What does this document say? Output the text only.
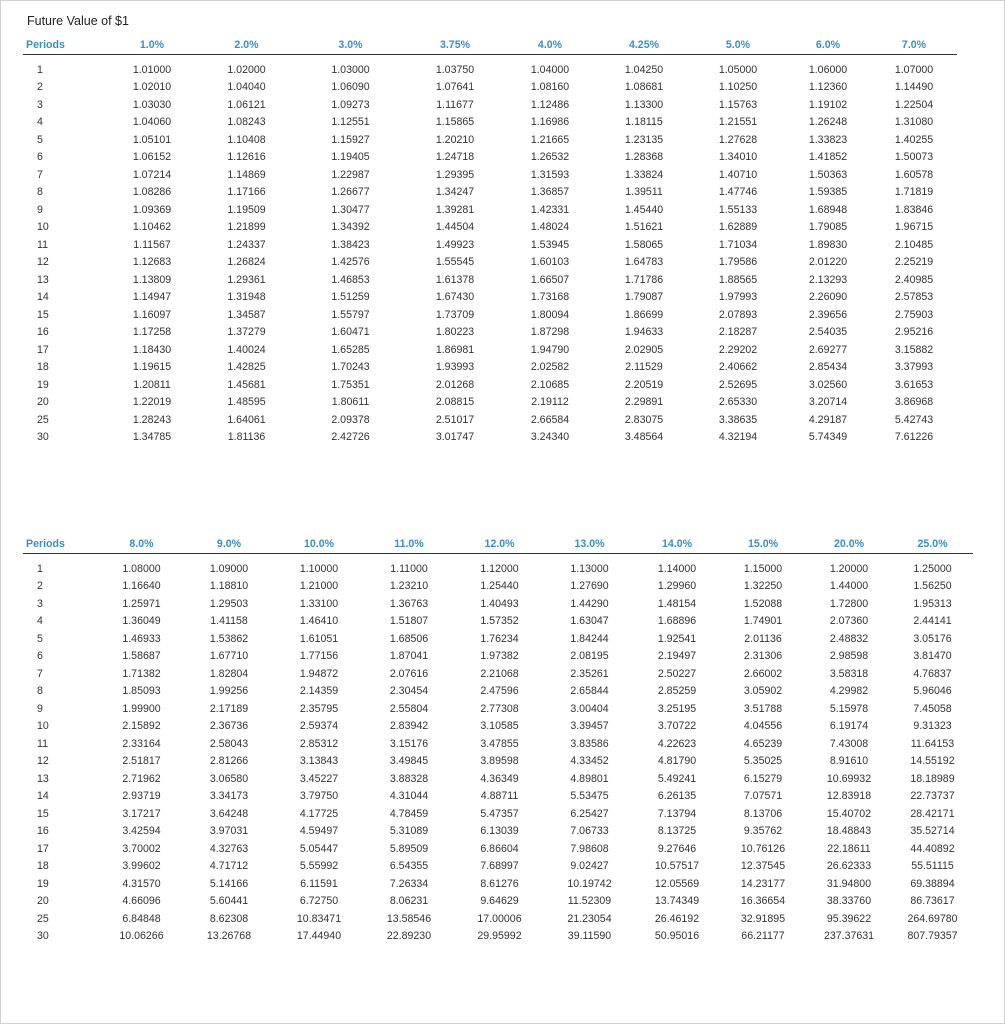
Future Value of $1
Periods	1.0%	2.0%	3.0%	3.75%	4.0%	4.25%	5.0%	6.0%	7.0%
1	1.01000	1.02000	1.03000	1.03750	1.04000	1.04250	1.05000	1.06000	1.07000
2	1.02010	1.04040	1.06090	1.07641	1.08160	1.08681	1.10250	1.12360	1.14490
3	1.03030	1.06121	1.09273	1.11677	1.12486	1.13300	1.15763	1.19102	1.22504
4	1.04060	1.08243	1.12551	1.15865	1.16986	1.18115	1.21551	1.26248	1.31080
5	1.05101	1.10408	1.15927	1.20210	1.21665	1.23135	1.27628	1.33823	1.40255
6	1.06152	1.12616	1.19405	1.24718	1.26532	1.28368	1.34010	1.41852	1.50073
7	1.07214	1.14869	1.22987	1.29395	1.31593	1.33824	1.40710	1.50363	1.60578
8	1.08286	1.17166	1.26677	1.34247	1.36857	1.39511	1.47746	1.59385	1.71819
9	1.09369	1.19509	1.30477	1.39281	1.42331	1.45440	1.55133	1.68948	1.83846
10	1.10462	1.21899	1.34392	1.44504	1.48024	1.51621	1.62889	1.79085	1.96715
11	1.11567	1.24337	1.38423	1.49923	1.53945	1.58065	1.71034	1.89830	2.10485
12	1.12683	1.26824	1.42576	1.55545	1.60103	1.64783	1.79586	2.01220	2.25219
13	1.13809	1.29361	1.46853	1.61378	1.66507	1.71786	1.88565	2.13293	2.40985
14	1.14947	1.31948	1.51259	1.67430	1.73168	1.79087	1.97993	2.26090	2.57853
15	1.16097	1.34587	1.55797	1.73709	1.80094	1.86699	2.07893	2.39656	2.75903
16	1.17258	1.37279	1.60471	1.80223	1.87298	1.94633	2.18287	2.54035	2.95216
17	1.18430	1.40024	1.65285	1.86981	1.94790	2.02905	2.29202	2.69277	3.15882
18	1.19615	1.42825	1.70243	1.93993	2.02582	2.11529	2.40662	2.85434	3.37993
19	1.20811	1.45681	1.75351	2.01268	2.10685	2.20519	2.52695	3.02560	3.61653
20	1.22019	1.48595	1.80611	2.08815	2.19112	2.29891	2.65330	3.20714	3.86968
25	1.28243	1.64061	2.09378	2.51017	2.66584	2.83075	3.38635	4.29187	5.42743
30	1.34785	1.81136	2.42726	3.01747	3.24340	3.48564	4.32194	5.74349	7.61226
Periods	8.0%	9.0%	10.0%	11.0%	12.0%	13.0%	14.0%	15.0%	20.0%	25.0%
1	1.08000	1.09000	1.10000	1.11000	1.12000	1.13000	1.14000	1.15000	1.20000	1.25000
2	1.16640	1.18810	1.21000	1.23210	1.25440	1.27690	1.29960	1.32250	1.44000	1.56250
3	1.25971	1.29503	1.33100	1.36763	1.40493	1.44290	1.48154	1.52088	1.72800	1.95313
4	1.36049	1.41158	1.46410	1.51807	1.57352	1.63047	1.68896	1.74901	2.07360	2.44141
5	1.46933	1.53862	1.61051	1.68506	1.76234	1.84244	1.92541	2.01136	2.48832	3.05176
6	1.58687	1.67710	1.77156	1.87041	1.97382	2.08195	2.19497	2.31306	2.98598	3.81470
7	1.71382	1.82804	1.94872	2.07616	2.21068	2.35261	2.50227	2.66002	3.58318	4.76837
8	1.85093	1.99256	2.14359	2.30454	2.47596	2.65844	2.85259	3.05902	4.29982	5.96046
9	1.99900	2.17189	2.35795	2.55804	2.77308	3.00404	3.25195	3.51788	5.15978	7.45058
10	2.15892	2.36736	2.59374	2.83942	3.10585	3.39457	3.70722	4.04556	6.19174	9.31323
11	2.33164	2.58043	2.85312	3.15176	3.47855	3.83586	4.22623	4.65239	7.43008	11.64153
12	2.51817	2.81266	3.13843	3.49845	3.89598	4.33452	4.81790	5.35025	8.91610	14.55192
13	2.71962	3.06580	3.45227	3.88328	4.36349	4.89801	5.49241	6.15279	10.69932	18.18989
14	2.93719	3.34173	3.79750	4.31044	4.88711	5.53475	6.26135	7.07571	12.83918	22.73737
15	3.17217	3.64248	4.17725	4.78459	5.47357	6.25427	7.13794	8.13706	15.40702	28.42171
16	3.42594	3.97031	4.59497	5.31089	6.13039	7.06733	8.13725	9.35762	18.48843	35.52714
17	3.70002	4.32763	5.05447	5.89509	6.86604	7.98608	9.27646	10.76126	22.18611	44.40892
18	3.99602	4.71712	5.55992	6.54355	7.68997	9.02427	10.57517	12.37545	26.62333	55.51115
19	4.31570	5.14166	6.11591	7.26334	8.61276	10.19742	12.05569	14.23177	31.94800	69.38894
20	4.66096	5.60441	6.72750	8.06231	9.64629	11.52309	13.74349	16.36654	38.33760	86.73617
25	6.84848	8.62308	10.83471	13.58546	17.00006	21.23054	26.46192	32.91895	95.39622	264.69780
30	10.06266	13.26768	17.44940	22.89230	29.95992	39.11590	50.95016	66.21177	237.37631	807.79357
